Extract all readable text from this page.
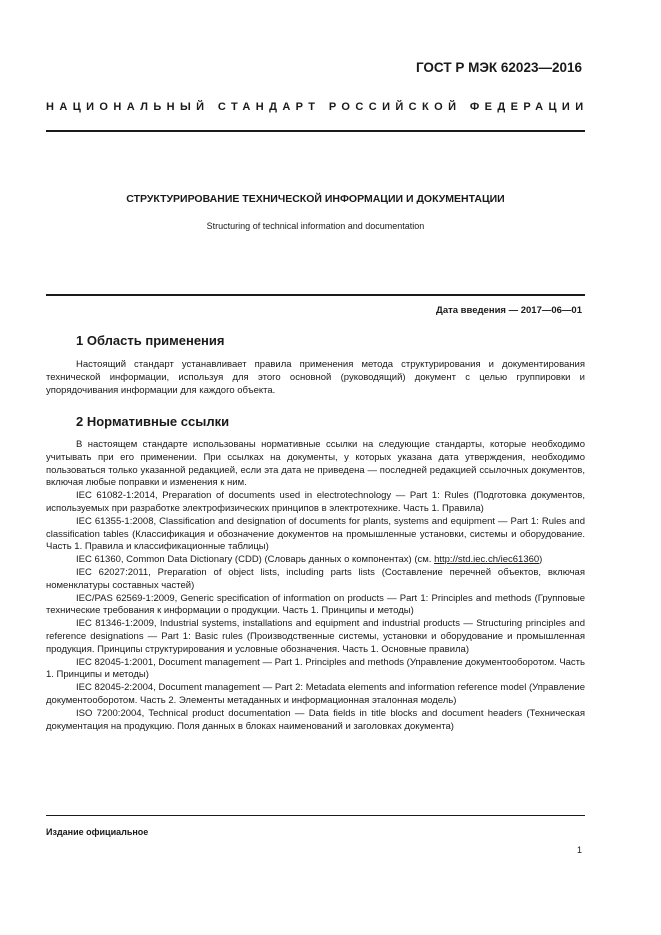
ГОСТ Р МЭК 62023—2016
НАЦИОНАЛЬНЫЙ СТАНДАРТ РОССИЙСКОЙ ФЕДЕРАЦИИ
СТРУКТУРИРОВАНИЕ ТЕХНИЧЕСКОЙ ИНФОРМАЦИИ И ДОКУМЕНТАЦИИ
Structuring of technical information and documentation
Дата введения — 2017—06—01
1 Область применения

Настоящий стандарт устанавливает правила применения метода структурирования и документирования технической информации, используя для этого основной (руководящий) документ с целью группировки и упорядочивания информации для каждого объекта.

2 Нормативные ссылки

В настоящем стандарте использованы нормативные ссылки на следующие стандарты, которые необходимо учитывать при его применении. При ссылках на документы, у которых указана дата утверждения, необходимо пользоваться только указанной редакцией, если эта дата не приведена — последней редакцией ссылочных документов, включая любые поправки и изменения к ним.

IEC 61082-1:2014, Preparation of documents used in electrotechnology — Part 1: Rules (Подготовка документов, используемых при разработке электрофизических принципов в электротехнике. Часть 1. Правила)

IEC 61355-1:2008, Classification and designation of documents for plants, systems and equipment — Part 1: Rules and classification tables (Классификация и обозначение документов на промышленные установки, системы и оборудование. Часть 1. Правила и классификационные таблицы)

IEC 61360, Common Data Dictionary (CDD) (Словарь данных о компонентах) (см. http://std.iec.ch/iec61360)

IEC 62027:2011, Preparation of object lists, including parts lists (Составление перечней объектов, включая номенклатуры составных частей)

IEC/PAS 62569-1:2009, Generic specification of information on products — Part 1: Principles and methods (Групповые технические требования к информации о продукции. Часть 1. Принципы и методы)

IEC 81346-1:2009, Industrial systems, installations and equipment and industrial products — Structuring principles and reference designations — Part 1: Basic rules (Производственные системы, установки и оборудование и промышленная продукция. Принципы структурирования и условные обозначения. Часть 1. Основные правила)

IEC 82045-1:2001, Document management — Part 1. Principles and methods (Управление документооборотом. Часть 1. Принципы и методы)

IEC 82045-2:2004, Document management — Part 2: Metadata elements and information reference model (Управление документооборотом. Часть 2. Элементы метаданных и информационная эталонная модель)

ISO 7200:2004, Technical product documentation — Data fields in title blocks and document headers (Техническая документация на продукцию. Поля данных в блоках наименований и заголовках документа)

Издание официальное
1
